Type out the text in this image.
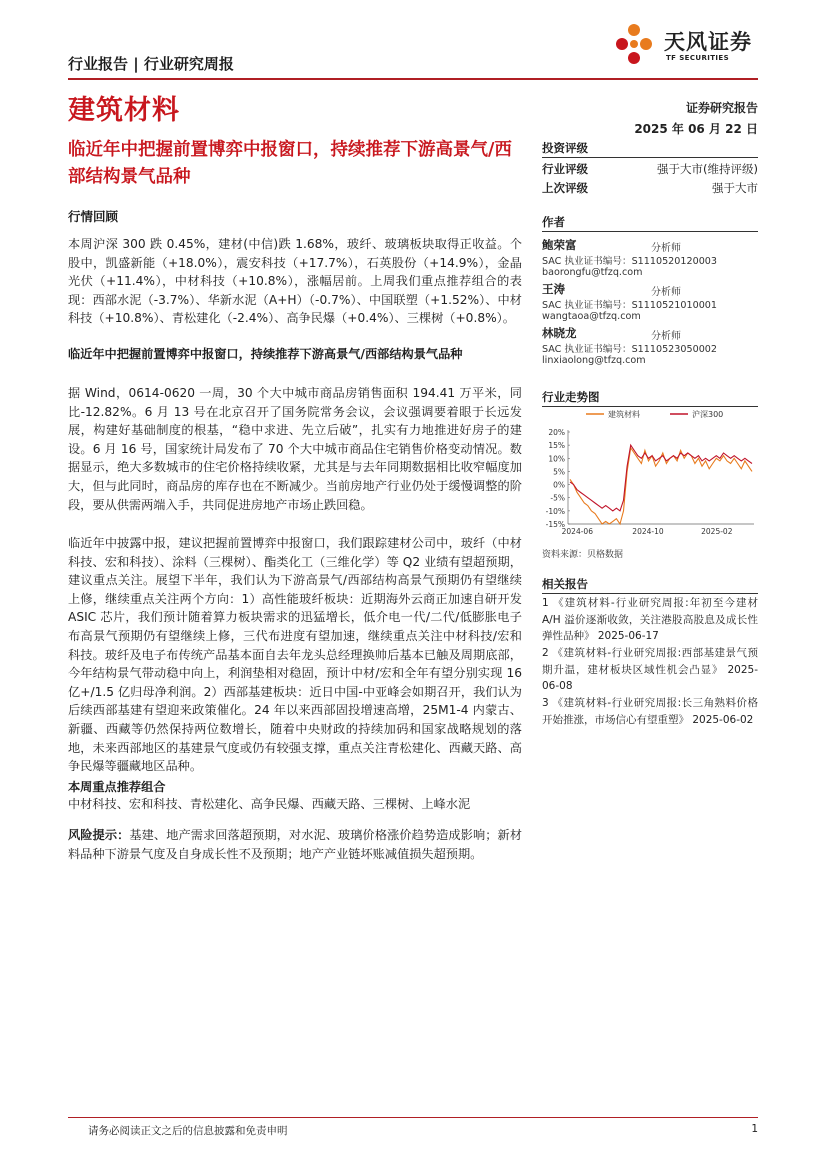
天风证券
TF SECURITIES
行业报告 | 行业研究周报
建筑材料	证券研究报告
2025 年 06 月 22 日
临近年中把握前置博弈中报窗口，持续推荐下游高景气/西部结构景气品种
行情回顾
本周沪深 300 跌 0.45%，建材(中信)跌 1.68%，玻纤、玻璃板块取得正收益。个股中，凯盛新能（+18.0%），震安科技（+17.7%），石英股份（+14.9%），金晶光伏（+11.4%），中材科技（+10.8%），涨幅居前。上周我们重点推荐组合的表现：西部水泥（-3.7%）、华新水泥（A+H）（-0.7%）、中国联塑（+1.52%）、中材科技（+10.8%）、青松建化（-2.4%）、高争民爆（+0.4%）、三棵树（+0.8%）。
临近年中把握前置博弈中报窗口，持续推荐下游高景气/西部结构景气品种
据 Wind，0614-0620 一周，30 个大中城市商品房销售面积 194.41 万平米，同比-12.82%。6 月 13 号在北京召开了国务院常务会议，会议强调要着眼于长远发展，构建好基础制度的根基，“稳中求进、先立后破”，扎实有力地推进好房子的建设。6 月 16 号，国家统计局发布了 70 个大中城市商品住宅销售价格变动情况。数据显示，绝大多数城市的住宅价格持续收紧，尤其是与去年同期数据相比收窄幅度加大，但与此同时，商品房的库存也在不断减少。当前房地产行业仍处于缓慢调整的阶段，要从供需两端入手，共同促进房地产市场止跌回稳。
临近年中披露中报，建议把握前置博弈中报窗口，我们跟踪建材公司中，玻纤（中材科技、宏和科技）、涂料（三棵树）、酯类化工（三维化学）等 Q2 业绩有望超预期，建议重点关注。展望下半年，我们认为下游高景气/西部结构高景气预期仍有望继续上修，继续重点关注两个方向：1）高性能玻纤板块：近期海外云商正加速自研开发 ASIC 芯片，我们预计随着算力板块需求的迅猛增长，低介电一代/二代/低膨胀电子布高景气预期仍有望继续上修，三代布进度有望加速，继续重点关注中材科技/宏和科技。玻纤及电子布传统产品基本面自去年龙头总经理换帅后基本已触及周期底部，今年结构景气带动稳中向上，利润垫相对稳固，预计中材/宏和全年有望分别实现 16 亿+/1.5 亿归母净利润。2）西部基建板块：近日中国-中亚峰会如期召开，我们认为后续西部基建有望迎来政策催化。24 年以来西部固投增速高增，25M1-4 内蒙古、新疆、西藏等仍然保持两位数增长，随着中央财政的持续加码和国家战略规划的落地，未来西部地区的基建景气度或仍有较强支撑，重点关注青松建化、西藏天路、高争民爆等疆藏地区品种。
本周重点推荐组合
中材科技、宏和科技、青松建化、高争民爆、西藏天路、三棵树、上峰水泥
风险提示：基建、地产需求回落超预期，对水泥、玻璃价格涨价趋势造成影响；新材料品种下游景气度及自身成长性不及预期；地产产业链坏账减值损失超预期。
投资评级
行业评级	强于大市(维持评级)
上次评级	强于大市
作者
鲍荣富	分析师
SAC 执业证书编号：S1110520120003
baorongfu@tfzq.com
王涛	分析师
SAC 执业证书编号：S1110521010001
wangtaoa@tfzq.com
林晓龙	分析师
SAC 执业证书编号：S1110523050002
linxiaolong@tfzq.com
行业走势图
建筑材料	沪深300
20%
15%
10%
5%
0%
-5%
-10%
-15%
2024-06	2024-10	2025-02
资料来源：贝格数据
相关报告
1 《建筑材料-行业研究周报:年初至今建材 A/H 溢价逐渐收敛，关注港股高股息及成长性弹性品种》 2025-06-17
2 《建筑材料-行业研究周报:西部基建景气预期升温，建材板块区域性机会凸显》 2025-06-08
3 《建筑材料-行业研究周报:长三角熟料价格开始推涨，市场信心有望重塑》 2025-06-02
请务必阅读正文之后的信息披露和免责申明	1
